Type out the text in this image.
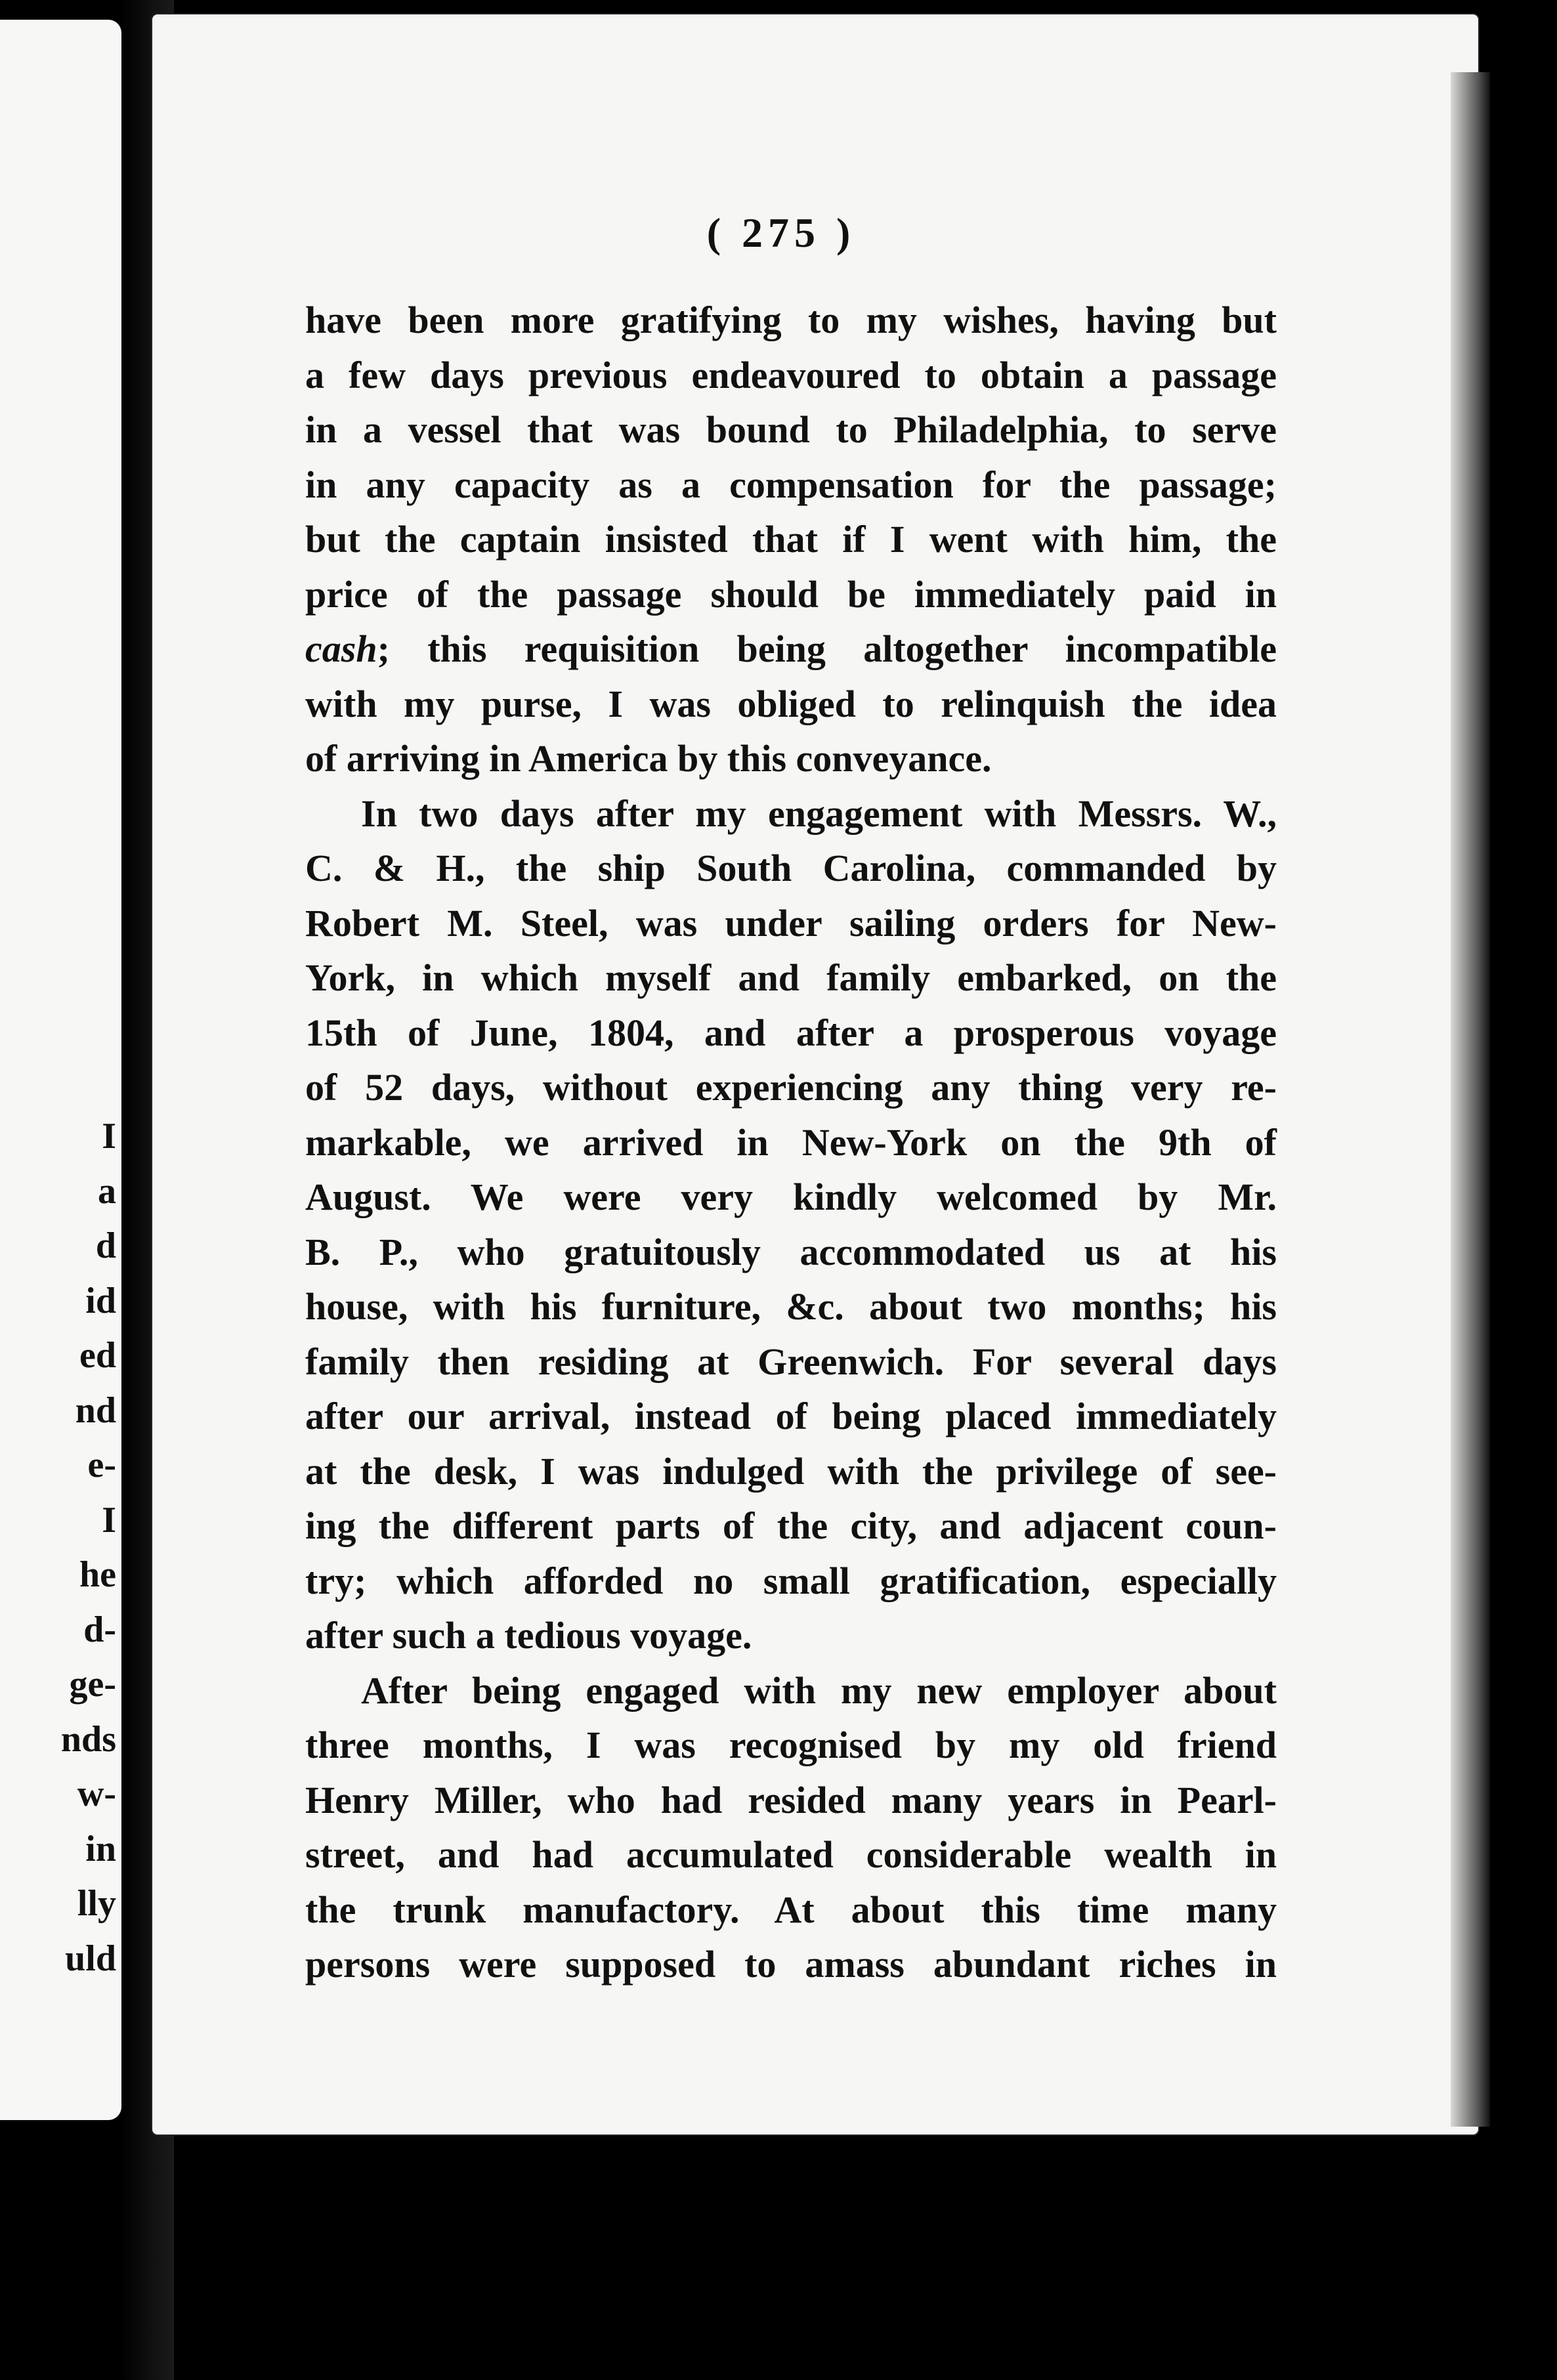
I
a
d
id
ed
nd
e-
I
he
d-
ge-
nds
w-
in
lly
uld
( 275 )
have been more gratifying to my wishes, having but
a few days previous endeavoured to obtain a passage
in a vessel that was bound to Philadelphia, to serve
in any capacity as a compensation for the passage;
but the captain insisted that if I went with him, the
price of the passage should be immediately paid in
cash; this requisition being altogether incompatible
with my purse, I was obliged to relinquish the idea
of arriving in America by this conveyance.
In two days after my engagement with Messrs. W.,
C. & H., the ship South Carolina, commanded by
Robert M. Steel, was under sailing orders for New-
York, in which myself and family embarked, on the
15th of June, 1804, and after a prosperous voyage
of 52 days, without experiencing any thing very re-
markable, we arrived in New-York on the 9th of
August. We were very kindly welcomed by Mr.
B. P., who gratuitously accommodated us at his
house, with his furniture, &c. about two months; his
family then residing at Greenwich. For several days
after our arrival, instead of being placed immediately
at the desk, I was indulged with the privilege of see-
ing the different parts of the city, and adjacent coun-
try; which afforded no small gratification, especially
after such a tedious voyage.
After being engaged with my new employer about
three months, I was recognised by my old friend
Henry Miller, who had resided many years in Pearl-
street, and had accumulated considerable wealth in
the trunk manufactory. At about this time many
persons were supposed to amass abundant riches in
